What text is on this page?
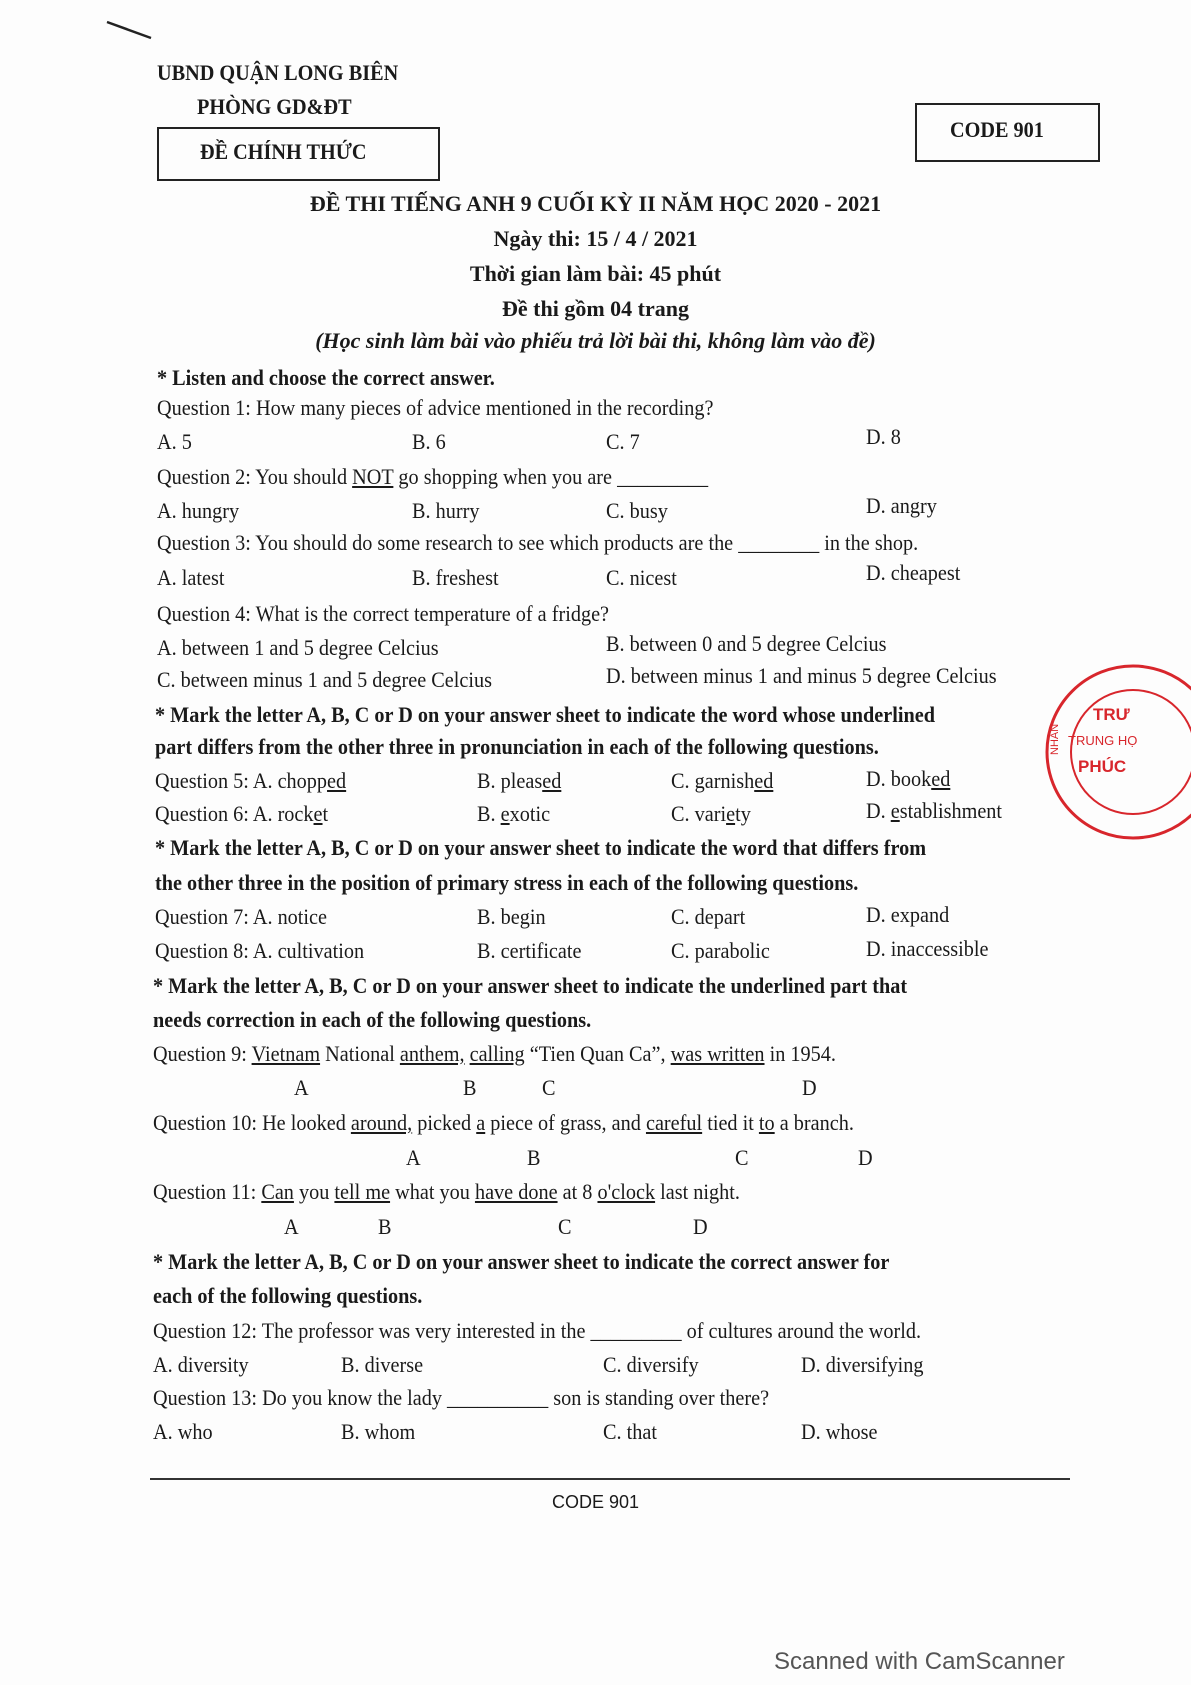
UBND QUẬN LONG BIÊN
PHÒNG GD&ĐT
ĐỀ CHÍNH THỨC
CODE 901
ĐỀ THI TIẾNG ANH 9 CUỐI KỲ II NĂM HỌC 2020 - 2021
Ngày thi: 15 / 4 / 2021
Thời gian làm bài: 45 phút
Đề thi gồm 04 trang
(Học sinh làm bài vào phiếu trả lời bài thi, không làm vào đề)
* Listen and choose the correct answer.
Question 1: How many pieces of advice mentioned in the recording?
A. 5	B. 6	C. 7	D. 8
Question 2: You should NOT go shopping when you are _________
A. hungry	B. hurry	C. busy	D. angry
Question 3: You should do some research to see which products are the ________ in the shop.
A. latest	B. freshest	C. nicest	D. cheapest
Question 4: What is the correct temperature of a fridge?
A. between 1 and 5 degree Celcius	B. between 0 and 5 degree Celcius
C. between minus 1 and 5 degree Celcius	D. between minus 1 and minus 5 degree Celcius
* Mark the letter A, B, C or D on your answer sheet to indicate the word whose underlined
part differs from the other three in pronunciation in each of the following questions.
Question 5: A. chopped	B. pleased	C. garnished	D. booked
Question 6: A. rocket	B. exotic	C. variety	D. establishment
* Mark the letter A, B, C or D on your answer sheet to indicate the word that differs from
the other three in the position of primary stress in each of the following questions.
Question 7: A. notice	B. begin	C. depart	D. expand
Question 8: A. cultivation	B. certificate	C. parabolic	D. inaccessible
* Mark the letter A, B, C or D on your answer sheet to indicate the underlined part that
needs correction in each of the following questions.
Question 9: Vietnam National anthem, calling “Tien Quan Ca”, was written in 1954.
A	B	C	D
Question 10: He looked around, picked a piece of grass, and careful tied it to a branch.
A	B	C	D
Question 11: Can you tell me what you have done at 8 o'clock last night.
A	B	C	D
* Mark the letter A, B, C or D on your answer sheet to indicate the correct answer for
each of the following questions.
Question 12: The professor was very interested in the _________ of cultures around the world.
A. diversity	B. diverse	C. diversify	D. diversifying
Question 13: Do you know the lady __________ son is standing over there?
A. who	B. whom	C. that	D. whose
CODE 901
Scanned with CamScanner
TRƯ
TRUNG HỌ
PHÚC
NHÂN
